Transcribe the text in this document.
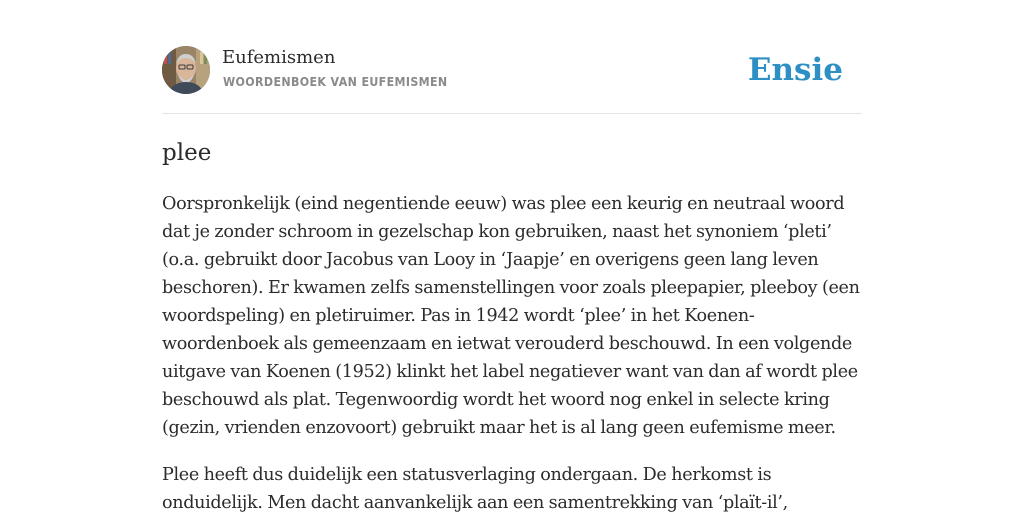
Eufemismen
WOORDENBOEK VAN EUFEMISMEN	Ensie
plee

Oorspronkelijk (eind negentiende eeuw) was plee een keurig en neutraal woord dat je zonder schroom in gezelschap kon gebruiken, naast het synoniem ‘pleti’ (o.a. gebruikt door Jacobus van Looy in ‘Jaapje’ en overigens geen lang leven beschoren). Er kwamen zelfs samenstellingen voor zoals pleepapier, pleeboy (een woordspeling) en pletiruimer. Pas in 1942 wordt ‘plee’ in het Koenen-woordenboek als gemeenzaam en ietwat verouderd beschouwd. In een volgende uitgave van Koenen (1952) klinkt het label negatiever want van dan af wordt plee beschouwd als plat. Tegenwoordig wordt het woord nog enkel in selecte kring (gezin, vrienden enzovoort) gebruikt maar het is al lang geen eufemisme meer.

Plee heeft dus duidelijk een statusverlaging ondergaan. De herkomst is onduidelijk. Men dacht aanvankelijk aan een samentrekking van ‘plaït-il’,
